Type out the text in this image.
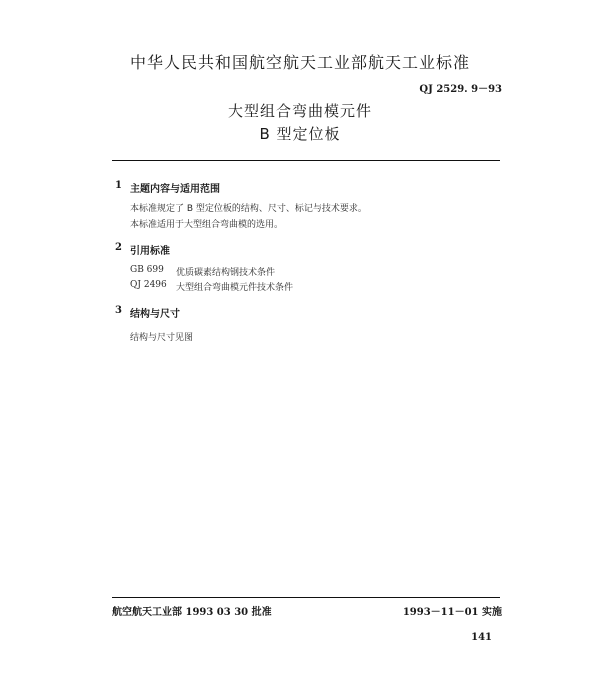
中华人民共和国航空航天工业部航天工业标准
QJ 2529. 9－93
大型组合弯曲模元件
B 型定位板
1 主题内容与适用范围
本标准规定了 B 型定位板的结构、尺寸、标记与技术要求。
本标准适用于大型组合弯曲模的选用。
2 引用标准
GB 699 优质碳素结构钢技术条件
QJ 2496 大型组合弯曲模元件技术条件
3 结构与尺寸
结构与尺寸见图
航空航天工业部 1993 03 30 批准	1993－11－01 实施
141
